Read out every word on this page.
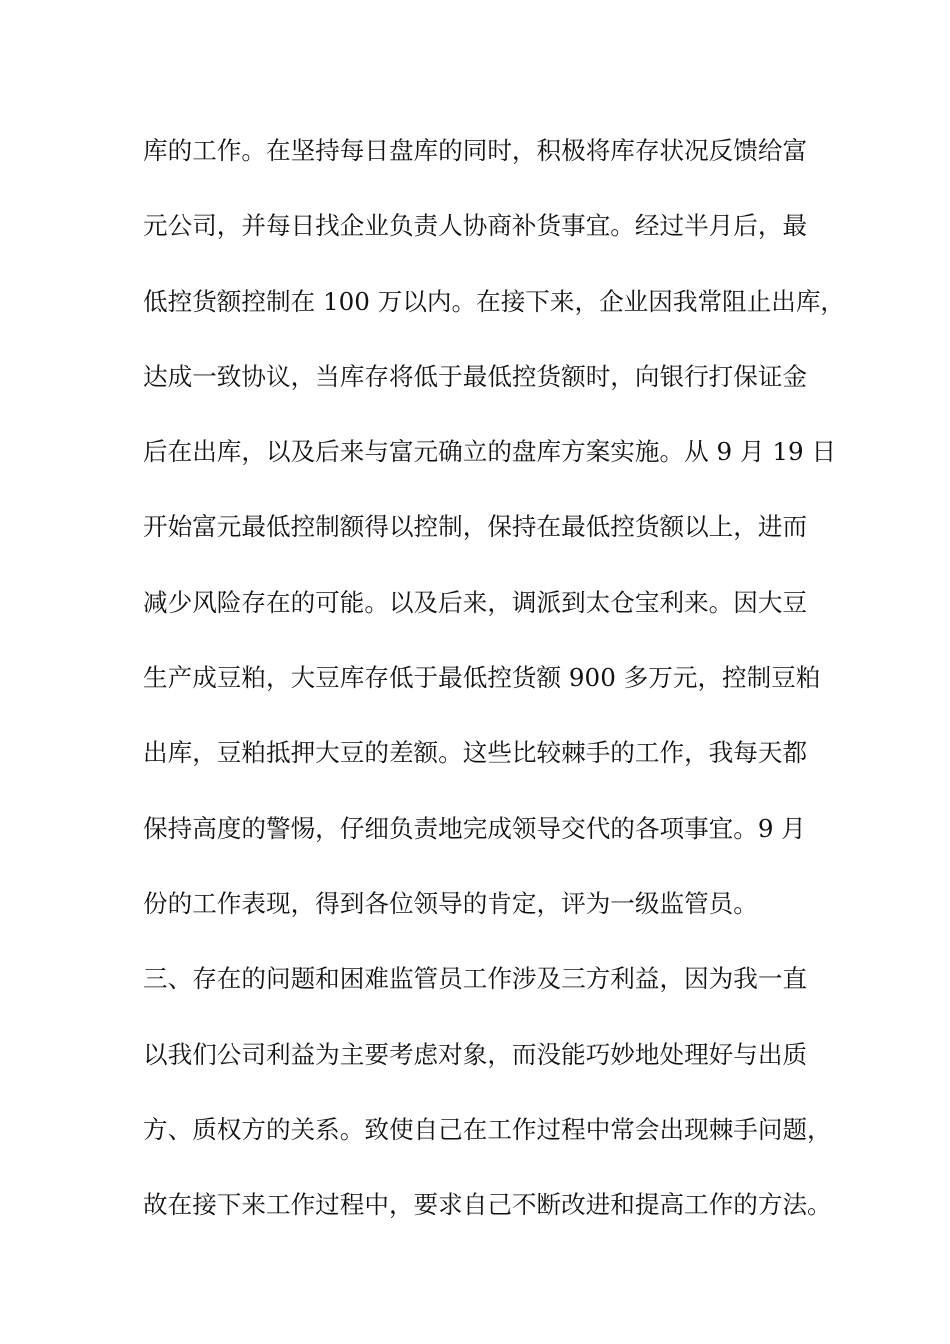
库的工作。在坚持每日盘库的同时，积极将库存状况反馈给富
元公司，并每日找企业负责人协商补货事宜。经过半月后，最
低控货额控制在 100 万以内。在接下来，企业因我常阻止出库，
达成一致协议，当库存将低于最低控货额时，向银行打保证金
后在出库，以及后来与富元确立的盘库方案实施。从 9 月 19 日
开始富元最低控制额得以控制，保持在最低控货额以上，进而
减少风险存在的可能。以及后来，调派到太仓宝利来。因大豆
生产成豆粕，大豆库存低于最低控货额 900 多万元，控制豆粕
出库，豆粕抵押大豆的差额。这些比较棘手的工作，我每天都
保持高度的警惕，仔细负责地完成领导交代的各项事宜。9 月
份的工作表现，得到各位领导的肯定，评为一级监管员。
三、存在的问题和困难监管员工作涉及三方利益，因为我一直
以我们公司利益为主要考虑对象，而没能巧妙地处理好与出质
方、质权方的关系。致使自己在工作过程中常会出现棘手问题，
故在接下来工作过程中，要求自己不断改进和提高工作的方法。
